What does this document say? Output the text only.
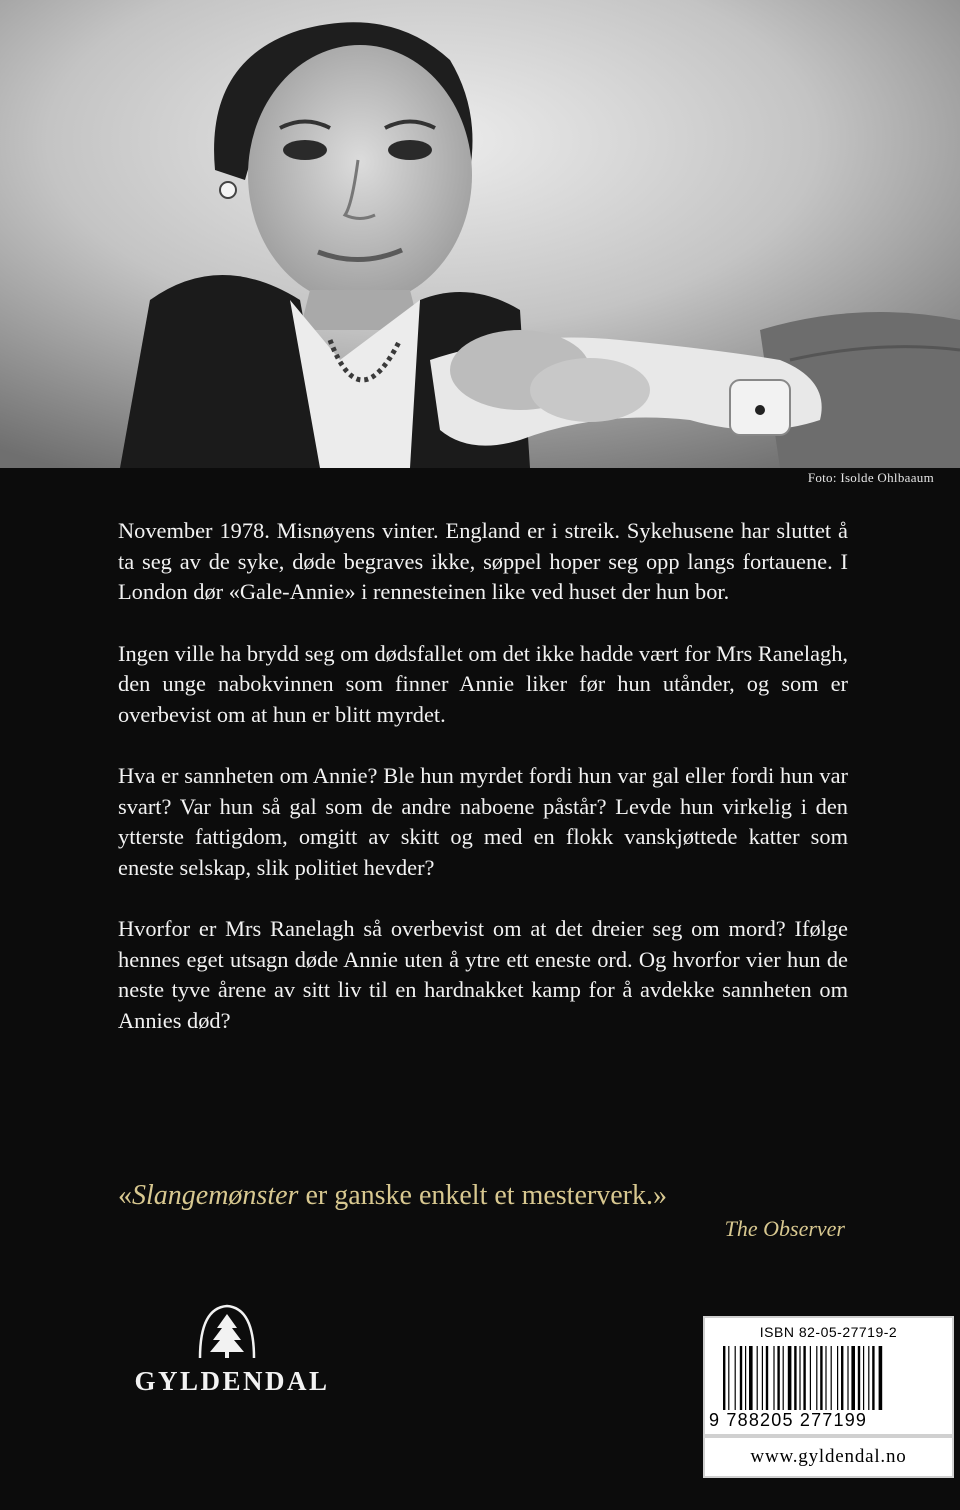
Foto: Isolde Ohlbaaum

November 1978. Misnøyens vinter. England er i streik. Sykehusene har sluttet å ta seg av de syke, døde begraves ikke, søppel hoper seg opp langs fortauene. I London dør «Gale-Annie» i rennesteinen like ved huset der hun bor.

Ingen ville ha brydd seg om dødsfallet om det ikke hadde vært for Mrs Ranelagh, den unge nabokvinnen som finner Annie liker før hun utånder, og som er overbevist om at hun er blitt myrdet.

Hva er sannheten om Annie? Ble hun myrdet fordi hun var gal eller fordi hun var svart? Var hun så gal som de andre naboene påstår? Levde hun virkelig i den ytterste fattigdom, omgitt av skitt og med en flokk vanskjøttede katter som eneste selskap, slik politiet hevder?

Hvorfor er Mrs Ranelagh så overbevist om at det dreier seg om mord? Ifølge hennes eget utsagn døde Annie uten å ytre ett eneste ord. Og hvorfor vier hun de neste tyve årene av sitt liv til en hardnakket kamp for å avdekke sannheten om Annies død?

«Slangemønster er ganske enkelt et mesterverk.»
The Observer
GYLDENDAL
ISBN 82-05-27719-2
9 788205 277199
www.gyldendal.no
